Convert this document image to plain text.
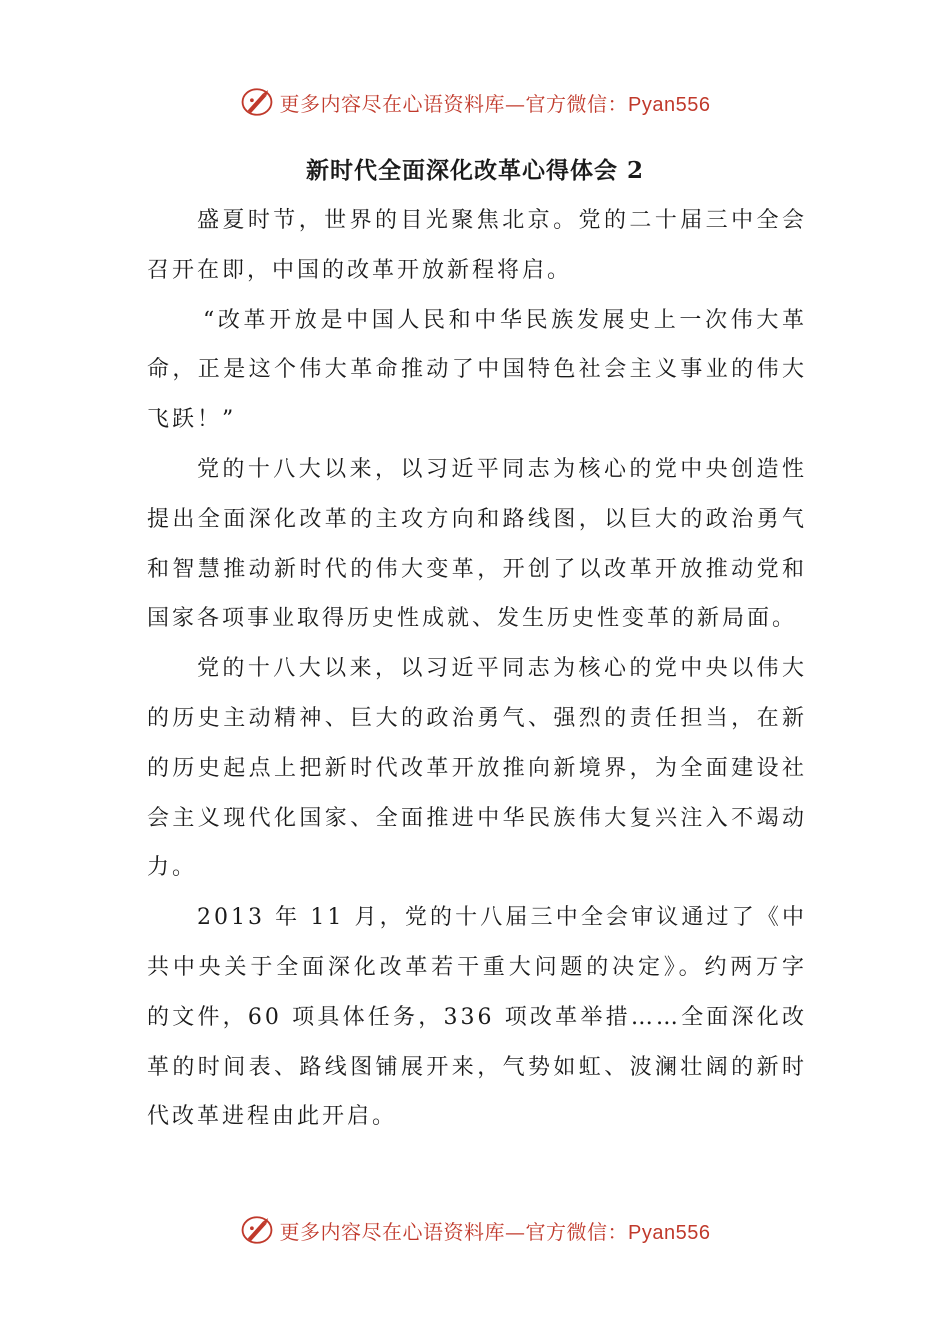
更多内容尽在心语资料库—官方微信：Pyan556
新时代全面深化改革心得体会 2

盛夏时节，世界的目光聚焦北京。党的二十届三中全会召开在即，中国的改革开放新程将启。

“改革开放是中国人民和中华民族发展史上一次伟大革命，正是这个伟大革命推动了中国特色社会主义事业的伟大飞跃！”

党的十八大以来，以习近平同志为核心的党中央创造性提出全面深化改革的主攻方向和路线图，以巨大的政治勇气和智慧推动新时代的伟大变革，开创了以改革开放推动党和国家各项事业取得历史性成就、发生历史性变革的新局面。

党的十八大以来，以习近平同志为核心的党中央以伟大的历史主动精神、巨大的政治勇气、强烈的责任担当，在新的历史起点上把新时代改革开放推向新境界，为全面建设社会主义现代化国家、全面推进中华民族伟大复兴注入不竭动力。

2013 年 11 月，党的十八届三中全会审议通过了《中共中央关于全面深化改革若干重大问题的决定》。约两万字的文件，60 项具体任务，336 项改革举措……全面深化改革的时间表、路线图铺展开来，气势如虹、波澜壮阔的新时代改革进程由此开启。

更多内容尽在心语资料库—官方微信：Pyan556
